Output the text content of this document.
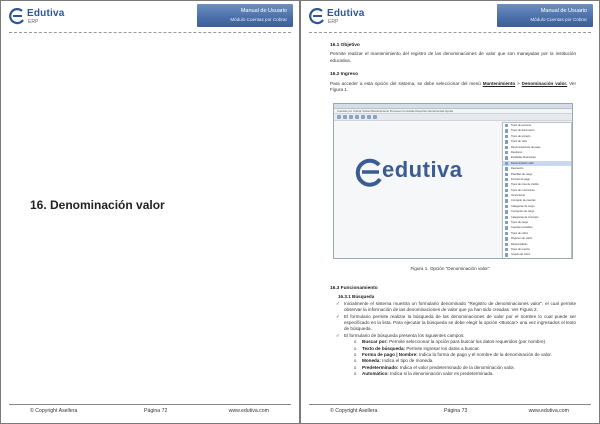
Edutiva
ERP
Manual de Usuario
Módulo Cuentas por Cobrar
16. Denominación valor
© Copyright Asellera	Página 72	www.edutiva.com
Edutiva
ERP
Manual de Usuario
Módulo Cuentas por Cobrar
16.1 Objetivo
Permite realizar el mantenimiento del registro de las denominaciones de valor que son manejadas por la institución educativa.
16.2 Ingreso
Para acceder a esta opción del sistema, se debe seleccionar del menú Mantenimiento > Denominación valor. Ver Figura 1.
Cuentas por Cobrar Vistas Mantenimiento Procesos Consultas Reportes Herramientas Ayuda
edutiva
Tipos de persona
Tipos de documento
Tipos de emisión
Tipos de valor
Denominaciones de pago
Deudores
Entidades financieras
Denominación valor
Descuento
Plantillas de cargo
Formas de pago
Tipos de nota de crédito
Tipos de movimiento
Vencimiento
Concepto de cuentas
Categorías de cargo
Conceptos de cargo
Categorías de concepto
Tipos de cargo
Cuentas contables
Tipos de cobro
Régimen de cobro
Responsables
Tipos de reporte
Grupos de cobro
Figura 1. Opción "Denominación valor"
16.3 Funcionamiento
16.3.1 Búsqueda
✓ Inicialmente el sistema muestra un formulario denominado "Registro de denominaciones valor", el cual permite observar la información de las denominaciones de valor que ya han sido creadas. Ver Figura 2.
✓ El formulario permite realizar la búsqueda de las denominaciones de valor por el nombre lo cual puede ser especificado en la lista. Para ejecutar la búsqueda se debe elegir la opción <Buscar> una vez ingresados el texto de búsqueda.
✓ El formulario de búsqueda presenta los siguientes campos:
o Buscar por: Permite seleccionar la opción para buscar los datos requeridos (por nombre).
o Texto de búsqueda: Permite ingresar los datos a buscar.
o Forma de pago | Nombre: Indica la forma de pago y el nombre de la denominación de valor.
o Moneda: Indica el tipo de moneda.
o Predeterminado: Indica el valor predeterminado de la denominación valor.
o Automático: Indica si la denominación valor es predeterminada.
© Copyright Asellera	Página 73	www.edutiva.com
